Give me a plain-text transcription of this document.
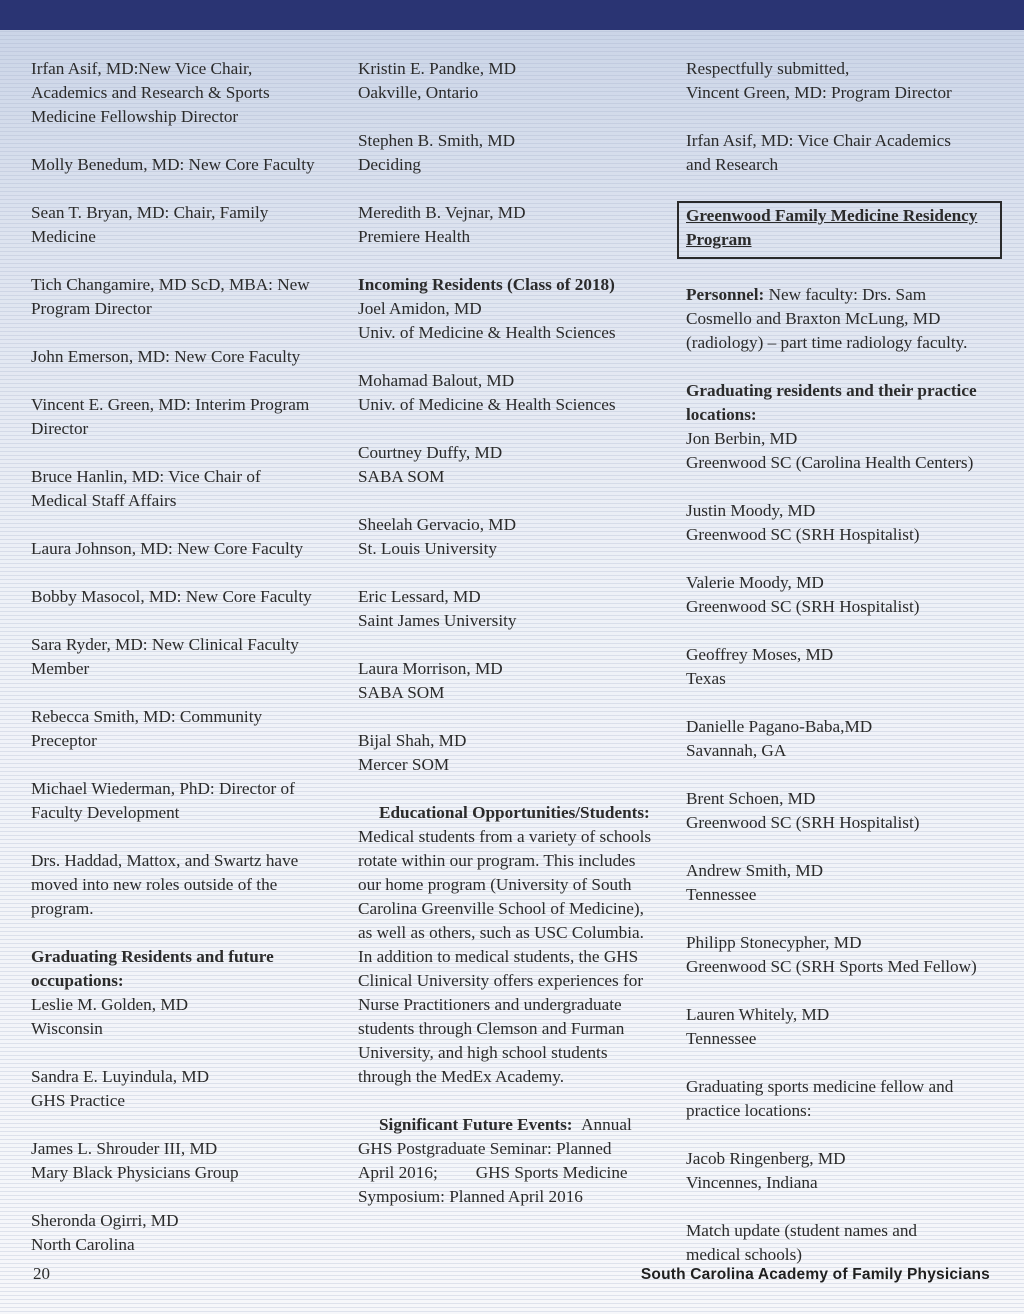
Irfan Asif, MD:New Vice Chair,
Academics and Research & Sports
Medicine Fellowship Director
Molly Benedum, MD: New Core Faculty
Sean T. Bryan, MD: Chair, Family
Medicine
Tich Changamire, MD ScD, MBA: New
Program Director
John Emerson, MD: New Core Faculty
Vincent E. Green, MD: Interim Program
Director
Bruce Hanlin, MD: Vice Chair of
Medical Staff Affairs
Laura Johnson, MD: New Core Faculty
Bobby Masocol, MD: New Core Faculty
Sara Ryder, MD: New Clinical Faculty
Member
Rebecca Smith, MD: Community
Preceptor
Michael Wiederman, PhD: Director of
Faculty Development
Drs. Haddad, Mattox, and Swartz have
moved into new roles outside of the
program.
Graduating Residents and future
occupations:
Leslie M. Golden, MD
Wisconsin
Sandra E. Luyindula, MD
GHS Practice
James L. Shrouder III, MD
Mary Black Physicians Group
Sheronda Ogirri, MD
North Carolina
Kristin E. Pandke, MD
Oakville, Ontario
Stephen B. Smith, MD
Deciding
Meredith B. Vejnar, MD
Premiere Health
Incoming Residents (Class of 2018)
Joel Amidon, MD
Univ. of Medicine & Health Sciences
Mohamad Balout, MD
Univ. of Medicine & Health Sciences
Courtney Duffy, MD
SABA SOM
Sheelah Gervacio, MD
St. Louis University
Eric Lessard, MD
Saint James University
Laura Morrison, MD
SABA SOM
Bijal Shah, MD
Mercer SOM
Educational Opportunities/Students:
Medical students from a variety of schools
rotate within our program. This includes
our home program (University of South
Carolina Greenville School of Medicine),
as well as others, such as USC Columbia.
In addition to medical students, the GHS
Clinical University offers experiences for
Nurse Practitioners and undergraduate
students through Clemson and Furman
University, and high school students
through the MedEx Academy.
Significant Future Events: Annual
GHS Postgraduate Seminar: Planned
April 2016; GHS Sports Medicine
Symposium: Planned April 2016
Respectfully submitted,
Vincent Green, MD: Program Director
Irfan Asif, MD: Vice Chair Academics
and Research
Greenwood Family Medicine Residency
Program
Personnel: New faculty: Drs. Sam
Cosmello and Braxton McLung, MD
(radiology) – part time radiology faculty.
Graduating residents and their practice
locations:
Jon Berbin, MD
Greenwood SC (Carolina Health Centers)
Justin Moody, MD
Greenwood SC (SRH Hospitalist)
Valerie Moody, MD
Greenwood SC (SRH Hospitalist)
Geoffrey Moses, MD
Texas
Danielle Pagano-Baba,MD
Savannah, GA
Brent Schoen, MD
Greenwood SC (SRH Hospitalist)
Andrew Smith, MD
Tennessee
Philipp Stonecypher, MD
Greenwood SC (SRH Sports Med Fellow)
Lauren Whitely, MD
Tennessee
Graduating sports medicine fellow and
practice locations:
Jacob Ringenberg, MD
Vincennes, Indiana
Match update (student names and
medical schools)
20	South Carolina Academy of Family Physicians
